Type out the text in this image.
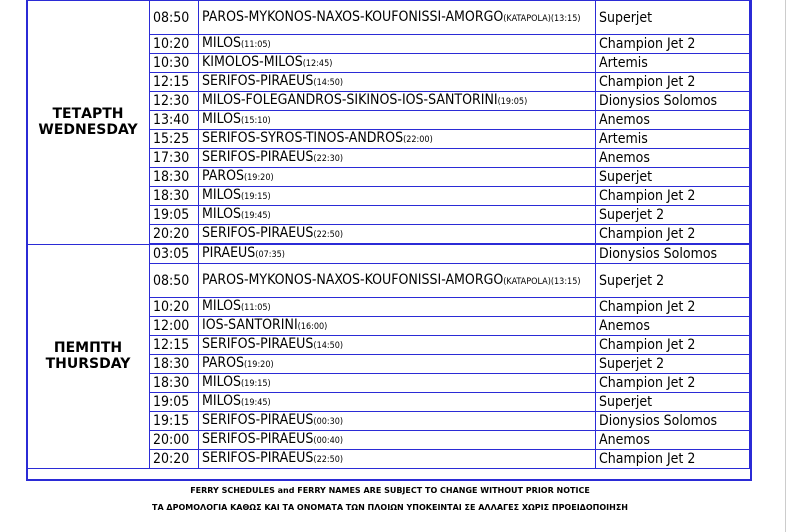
ΤΕΤΑΡΤΗ
WEDNESDAY	08:50	PAROS-MYKONOS-NAXOS-KOUFONISSI-AMORGO(KATAPOLA)(13:15)	Superjet
	10:20	MILOS(11:05)	Champion Jet 2
	10:30	KIMOLOS-MILOS(12:45)	Artemis
	12:15	SERIFOS-PIRAEUS(14:50)	Champion Jet 2
	12:30	MILOS-FOLEGANDROS-SIKINOS-IOS-SANTORINI(19:05)	Dionysios Solomos
	13:40	MILOS(15:10)	Anemos
	15:25	SERIFOS-SYROS-TINOS-ANDROS(22:00)	Artemis
	17:30	SERIFOS-PIRAEUS(22:30)	Anemos
	18:30	PAROS(19:20)	Superjet
	18:30	MILOS(19:15)	Champion Jet 2
	19:05	MILOS(19:45)	Superjet 2
	20:20	SERIFOS-PIRAEUS(22:50)	Champion Jet 2

ΠΕΜΠΤΗ
THURSDAY	03:05	PIRAEUS(07:35)	Dionysios Solomos
	08:50	PAROS-MYKONOS-NAXOS-KOUFONISSI-AMORGO(KATAPOLA)(13:15)	Superjet 2
	10:20	MILOS(11:05)	Champion Jet 2
	12:00	IOS-SANTORINI(16:00)	Anemos
	12:15	SERIFOS-PIRAEUS(14:50)	Champion Jet 2
	18:30	PAROS(19:20)	Superjet 2
	18:30	MILOS(19:15)	Champion Jet 2
	19:05	MILOS(19:45)	Superjet
	19:15	SERIFOS-PIRAEUS(00:30)	Dionysios Solomos
	20:00	SERIFOS-PIRAEUS(00:40)	Anemos
	20:20	SERIFOS-PIRAEUS(22:50)	Champion Jet 2
FERRY SCHEDULES and FERRY NAMES ARE SUBJECT TO CHANGE WITHOUT PRIOR NOTICE
ΤΑ ΔΡΟΜΟΛΟΓΙΑ ΚΑΘΩΣ ΚΑΙ ΤΑ ΟΝΟΜΑΤΑ ΤΩΝ ΠΛΟΙΩΝ ΥΠΟΚΕΙΝΤΑΙ ΣΕ ΑΛΛΑΓΕΣ ΧΩΡΙΣ ΠΡΟΕΙΔΟΠΟΙΗΣΗ
